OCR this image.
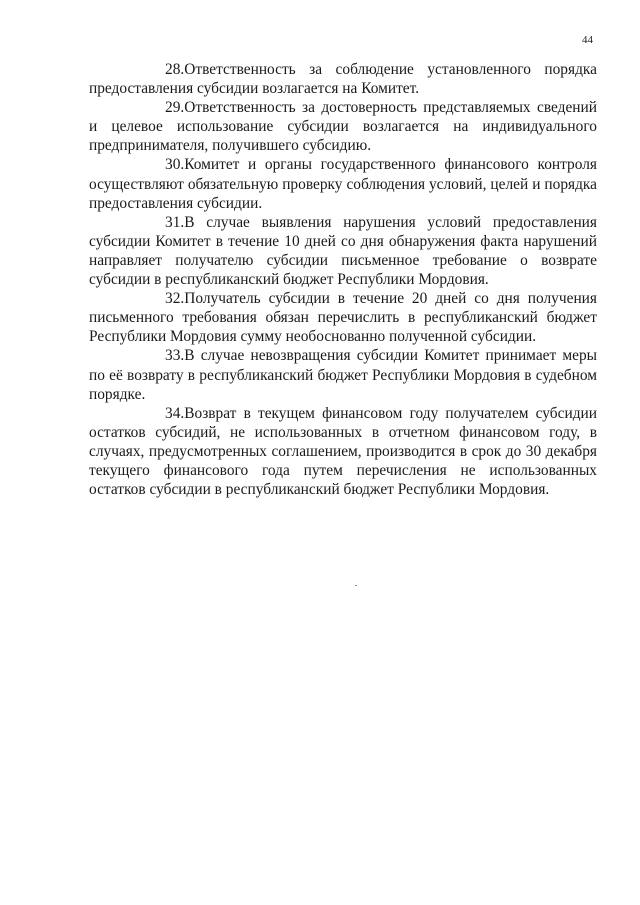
44

28.Ответственность за соблюдение установленного порядка предоставления субсидии возлагается на Комитет.

29.Ответственность за достоверность представляемых сведений и целевое использование субсидии возлагается на индивидуального предпринимателя, получившего субсидию.

30.Комитет и органы государственного финансового контроля осуществляют обязательную проверку соблюдения условий, целей и порядка предоставления субсидии.

31.В случае выявления нарушения условий предоставления субсидии Комитет в течение 10 дней со дня обнаружения факта нарушений направляет получателю субсидии письменное требование о возврате субсидии в республиканский бюджет Республики Мордовия.

32.Получатель субсидии в течение 20 дней со дня получения письменного требования обязан перечислить в республиканский бюджет Республики Мордовия сумму необоснованно полученной субсидии.

33.В случае невозвращения субсидии Комитет принимает меры по её возврату в республиканский бюджет Республики Мордовия в судебном порядке.

34.Возврат в текущем финансовом году получателем субсидии остатков субсидий, не использованных в отчетном финансовом году, в случаях, предусмотренных соглашением, производится в срок до 30 декабря текущего финансового года путем перечисления не использованных остатков субсидии в республиканский бюджет Республики Мордовия.
